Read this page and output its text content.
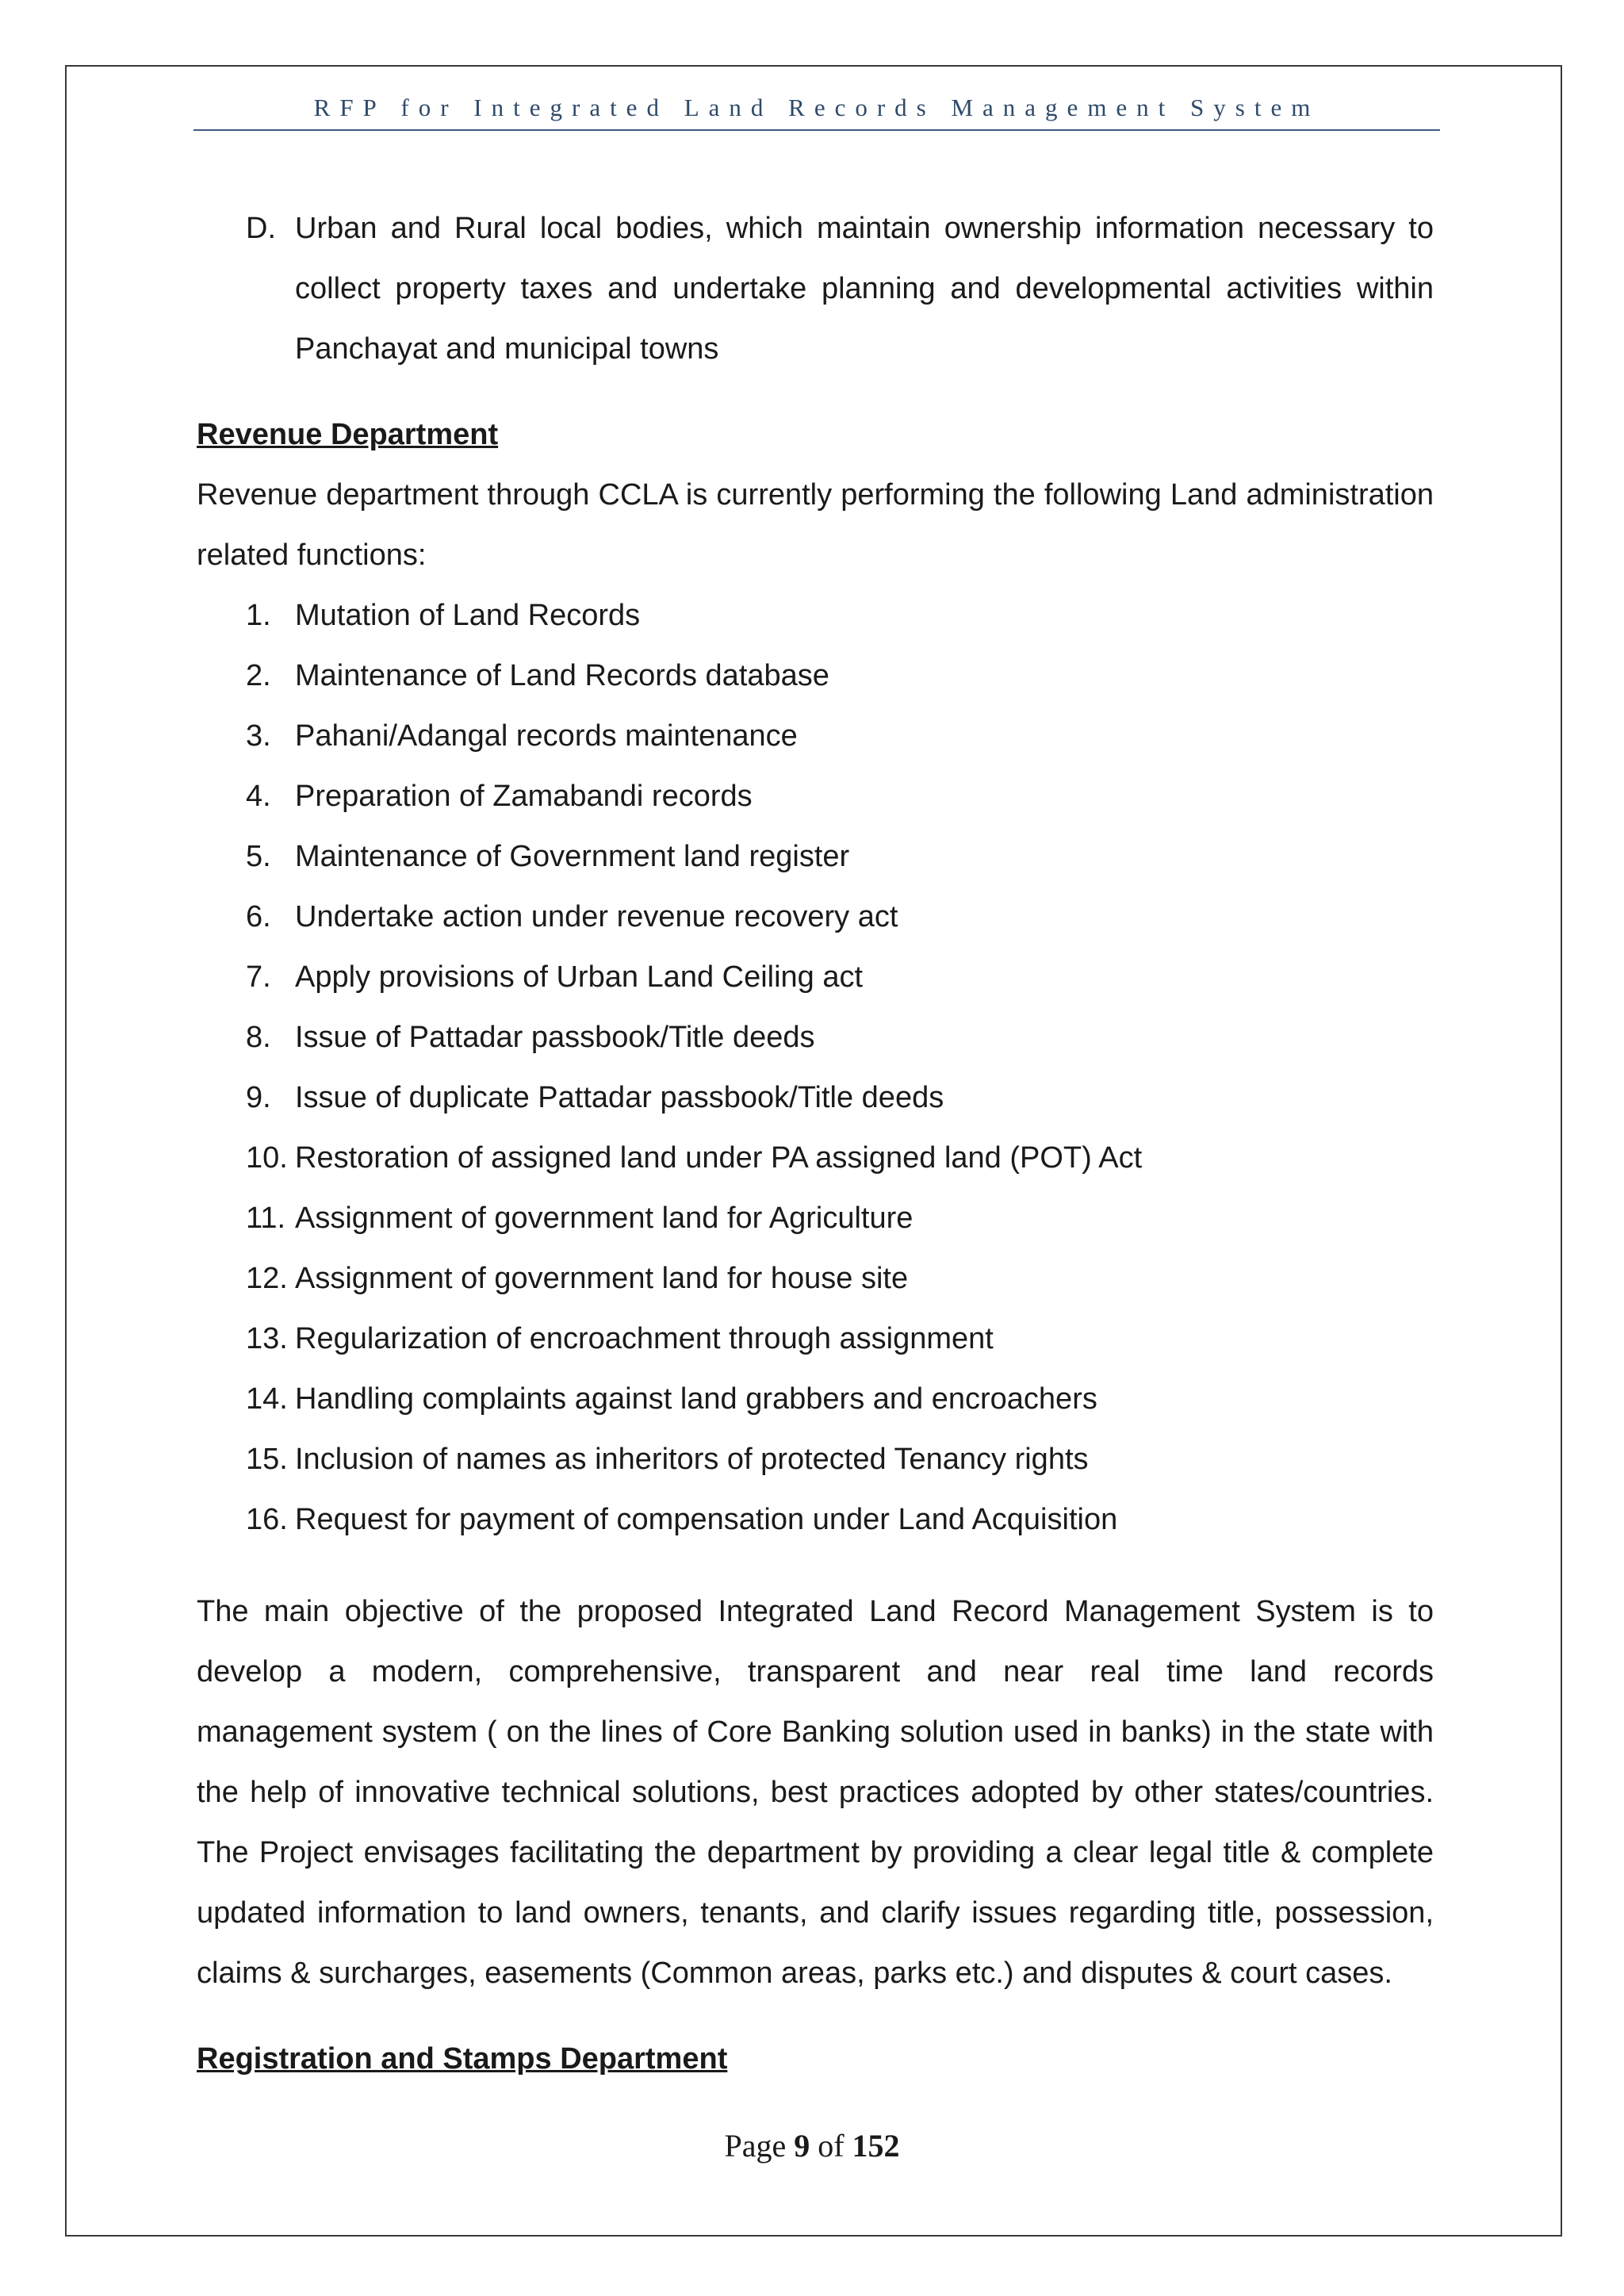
RFP for Integrated Land Records Management System
D. Urban and Rural local bodies, which maintain ownership information necessary to collect property taxes and undertake planning and developmental activities within Panchayat and municipal towns

Revenue Department

Revenue department through CCLA is currently performing the following Land administration related functions:

1. Mutation of Land Records
2. Maintenance of Land Records database
3. Pahani/Adangal records maintenance
4. Preparation of Zamabandi records
5. Maintenance of Government land register
6. Undertake action under revenue recovery act
7. Apply provisions of Urban Land Ceiling act
8. Issue of Pattadar passbook/Title deeds
9. Issue of duplicate Pattadar passbook/Title deeds
10. Restoration of assigned land under PA assigned land (POT) Act
11. Assignment of government land for Agriculture
12. Assignment of government land for house site
13. Regularization of encroachment through assignment
14. Handling complaints against land grabbers and encroachers
15. Inclusion of names as inheritors of protected Tenancy rights
16. Request for payment of compensation under Land Acquisition

The main objective of the proposed Integrated Land Record Management System is to develop a modern, comprehensive, transparent and near real time land records management system ( on the lines of Core Banking solution used in banks) in the state with the help of innovative technical solutions, best practices adopted by other states/countries. The Project envisages facilitating the department by providing a clear legal title & complete updated information to land owners, tenants, and clarify issues regarding title, possession, claims & surcharges, easements (Common areas, parks etc.) and disputes & court cases.

Registration and Stamps Department

Page 9 of 152
